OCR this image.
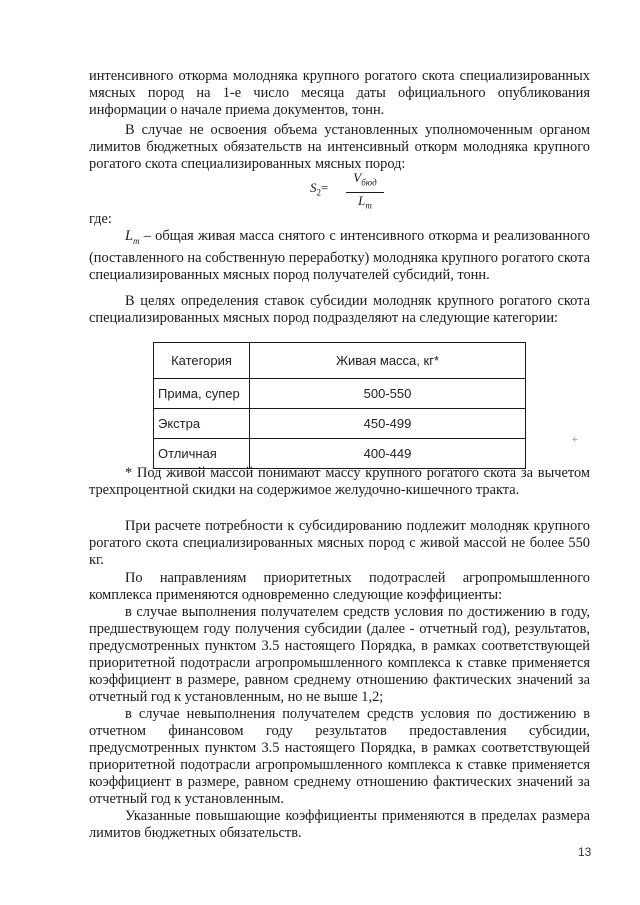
интенсивного откорма молодняка крупного рогатого скота специализированных мясных пород на 1-е число месяца даты официального опубликования информации о начале приема документов, тонн.

В случае не освоения объема установленных уполномоченным органом лимитов бюджетных обязательств на интенсивный откорм молодняка крупного рогатого скота специализированных мясных пород:

$S_2=$
$V_{бюд}$
$L_m$

где:

$L_m$ – общая живая масса снятого с интенсивного откорма и реализованного (поставленного на собственную переработку) молодняка крупного рогатого скота специализированных мясных пород получателей субсидий, тонн.

В целях определения ставок субсидии молодняк крупного рогатого скота специализированных мясных пород подразделяют на следующие категории:

Категория	Живая масса, кг*
Прима, супер	500-550
Экстра	450-499
Отличная	400-449
+

* Под живой массой понимают массу крупного рогатого скота за вычетом трехпроцентной скидки на содержимое желудочно-кишечного тракта.

При расчете потребности к субсидированию подлежит молодняк крупного рогатого скота специализированных мясных пород с живой массой не более 550 кг.

По направлениям приоритетных подотраслей агропромышленного комплекса применяются одновременно следующие коэффициенты:

в случае выполнения получателем средств условия по достижению в году, предшествующем году получения субсидии (далее - отчетный год), результатов, предусмотренных пунктом 3.5 настоящего Порядка, в рамках соответствующей приоритетной подотрасли агропромышленного комплекса к ставке применяется коэффициент в размере, равном среднему отношению фактических значений за отчетный год к установленным, но не выше 1,2;

в случае невыполнения получателем средств условия по достижению в отчетном финансовом году результатов предоставления субсидии, предусмотренных пунктом 3.5 настоящего Порядка, в рамках соответствующей приоритетной подотрасли агропромышленного комплекса к ставке применяется коэффициент в размере, равном среднему отношению фактических значений за отчетный год к установленным.

Указанные повышающие коэффициенты применяются в пределах размера лимитов бюджетных обязательств.

13
